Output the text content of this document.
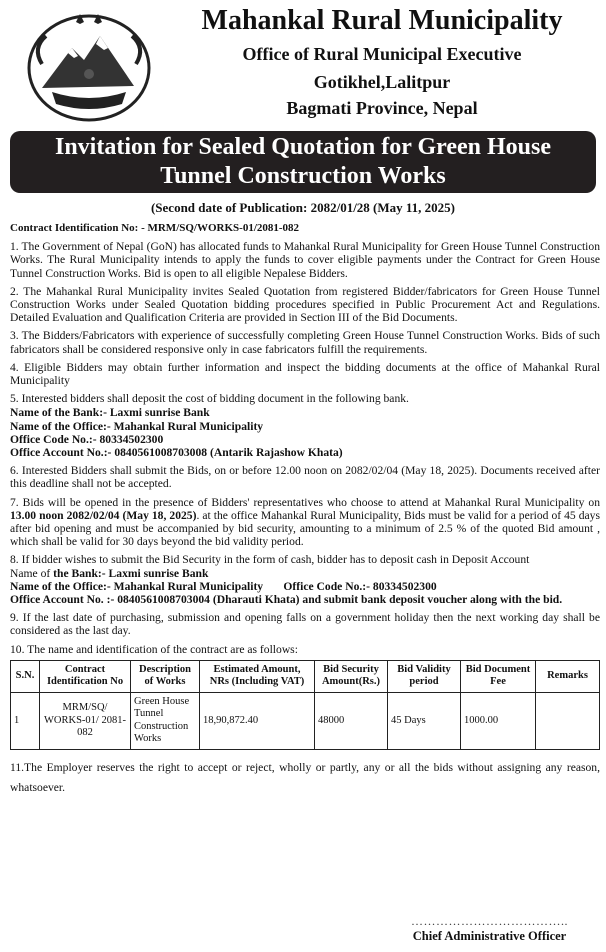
Mahankal Rural Municipality
Office of Rural Municipal Executive
Gotikhel,Lalitpur
Bagmati Province, Nepal
Invitation for Sealed Quotation for Green House
Tunnel Construction Works
(Second date of Publication: 2082/01/28 (May 11, 2025)

Contract Identification No: - MRM/SQ/WORKS-01/2081-082

1. The Government of Nepal (GoN) has allocated funds to Mahankal Rural Municipality for Green House Tunnel Construction Works. The Rural Municipality intends to apply the funds to cover eligible payments under the Contract for Green House Tunnel Construction Works. Bid is open to all eligible Nepalese Bidders.

2. The Mahankal Rural Municipality invites Sealed Quotation from registered Bidder/fabricators for Green House Tunnel Construction Works under Sealed Quotation bidding procedures specified in Public Procurement Act and Regulations. Detailed Evaluation and Qualification Criteria are provided in Section III of the Bid Documents.

3. The Bidders/Fabricators with experience of successfully completing Green House Tunnel Construction Works. Bids of such fabricators shall be considered responsive only in case fabricators fulfill the requirements.

4. Eligible Bidders may obtain further information and inspect the bidding documents at the office of Mahankal Rural Municipality

5. Interested bidders shall deposit the cost of bidding document in the following bank.

Name of the Bank:- Laxmi sunrise Bank
Name of the Office:- Mahankal Rural Municipality
Office Code No.:- 80334502300
Office Account No.:- 0840561008703008 (Antarik Rajashow Khata)

6. Interested Bidders shall submit the Bids, on or before 12.00 noon on 2082/02/04 (May 18, 2025). Documents received after this deadline shall not be accepted.

7. Bids will be opened in the presence of Bidders' representatives who choose to attend at Mahankal Rural Municipality on 13.00 noon 2082/02/04 (May 18, 2025). at the office Mahankal Rural Municipality, Bids must be valid for a period of 45 days after bid opening and must be accompanied by bid security, amounting to a minimum of 2.5 % of the quoted Bid amount , which shall be valid for 30 days beyond the bid validity period.

8. If bidder wishes to submit the Bid Security in the form of cash, bidder has to deposit cash in Deposit Account
Name of the Bank:- Laxmi sunrise Bank
Name of the Office:- Mahankal Rural Municipality Office Code No.:- 80334502300
Office Account No. :- 0840561008703004 (Dharauti Khata) and submit bank deposit voucher along with the bid.

9. If the last date of purchasing, submission and opening falls on a government holiday then the next working day shall be considered as the last day.

10. The name and identification of the contract are as follows:

S.N.	Contract Identification No	Description of Works	Estimated Amount, NRs (Including VAT)	Bid Security Amount(Rs.)	Bid Validity period	Bid Document Fee	Remarks
1	MRM/SQ/ WORKS-01/ 2081-082	Green House Tunnel Construction Works	18,90,872.40	48000	45 Days	1000.00	
11.The Employer reserves the right to accept or reject, wholly or partly, any or all the bids without assigning any reason, whatsoever.
………………………………..
Chief Administrative Officer
